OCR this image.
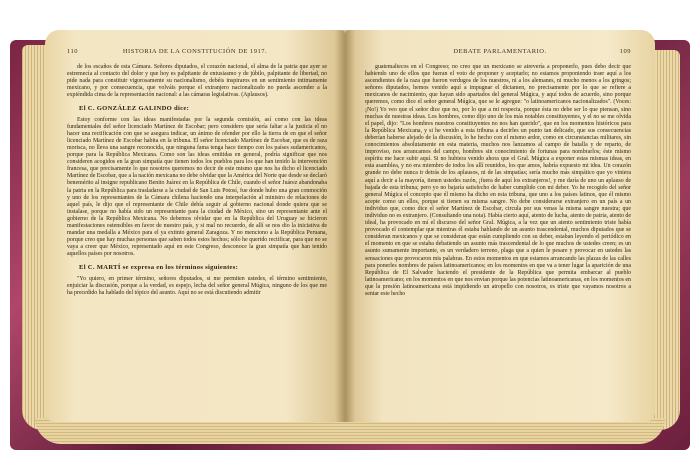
110	HISTORIA DE LA CONSTITUCIÓN DE 1917.

de los escaños de esta Cámara. Señores diputados, el corazón nacional, el alma de la patria que ayer se estremecía al contacto del dolor y que hoy es palpitante de entusiasmo y de júbilo, palpitante de libertad, no pide nada para constituir vigorosamente su nacionalismo, debéis inspiraros en un sentimiento intimamente mexicano, y por consecuencia, que volváis porque el extranjero nacionalizado no pueda ascender a la expiéndida cima de la representación nacional: a las cámaras legislativas. (Aplausos).

El C. GONZÁLEZ GALINDO dice:

Estoy conforme con las ideas manifestadas por la segunda comisión, así como con las ideas fundamentales del señor licenciado Martínez de Escobar; pero considero que sería faltar a la justicia el no hacer una rectificación con que se asegura indicar, un ánimo de ofender por ello la tierra de en que el señor licenciado Martínez de Escobar habita en la tribuna. El señor licenciado Martínez de Escobar, que es de raza morisca, no lleva una sangre reconocida, que ninguna fama tenga hace tiempo con los países sudamericanos, porque para la República Mexicana. Como son las ideas emitidas en general, podría significar que nos consideren acogidos en la gran simpatía que tienen todos los pueblos para los que han tenido la intervención francesa, que precisamente lo que nosotros queremos no decir de este mismo que nos ha dicho el licenciado Martínez de Escobar, que a la nación mexicana no debe olvidar que la América del Norte que desde se declaró benemérito al insigne republicano Benito Juárez en la República de Chile, cuando el señor Juárez abandonaba la patria en la República para trasladarse a la ciudad de San Luis Potosí, fue donde hubo una gran conmoción y uno de los representantes de la Cámara chilena haciendo una interpelación al ministro de relaciones de aquel país, le dijo que el representante de Chile debía seguir al gobierno nacional donde quiera que se instalase, porque no había sido un representante para la ciudad de México, sino un representante ante el gobierno de la República Mexicana. No debemos olvidar que en la República del Uruguay se hicieron manifestaciones ostensibles en favor de nuestro país, y si mal no recuerdo, de allí se nos dio la iniciativa de mandar una medalla a México para el ya extinto general Zaragoza. Y no menciono a la República Peruana, porque creo que hay muchas personas que saben todos estos hechos; sólo he querido rectificar, para que no se vaya a creer que México, representado aquí en este Congreso, desconoce la gran simpatía que han tenido aquellos países por nosotros.

El C. MARTÍ se expresa en los términos siguientes:

"Yo quiero, en primer término, señores diputados, si me permiten ustedes, el término sentimiento, enjuiciar la discusión, porque a la verdad, es espejo, lecha del señor general Múgica, ninguno de los que me ha precedido ha hablado del tópico del asunto. Aquí no se está discutiendo admitir

DEBATE PARLAMENTARIO.	109

guatemaltecos en el Congreso; no creo que un mexicano se atrevería a proponerlo, pues debo decir que habiendo uno de ellos que fueran el voto de proponer y aceptarlo; no estamos proponiendo traer aquí a los ascendientes de la raza que fueron verdugos de los nuestros, ni a los alemanes, ni mucho menos a los gringos; señores diputados, hemos venido aquí a impugnar el dictamen, no precisamente por lo que se refiere a mexicanos de nacimiento, que hayan sido apartados del general Múgica, y aquí todos de acuerdo, sino porque queremos, como dice el señor general Múgica, que se le agregue: "o latinoamericanos nacionalizados". (Voces: ¡No!) Yo veo que el señor dice que no, por lo que a mi respecta, porque ésta no debe ser lo que piensan, sino muchas de nuestras ideas. Los hombres, como dijo uno de los más notables constituyentes, y el no se me olvida el papel, dijo: "Los hombres nuestros constituyentes no nos han querido", que en los momentos históricos para la República Mexicana, y si he venido a esta tribuna a decirles un punto tan delicado, que sus consecuencias deberían haberse alejado de la discusión, lo he hecho con el mismo ardor, como en circunstancias militares, sin conocimientos absolutamente en esta materia, muchos nos lanzamos al campo de batalla y de reparto, de improviso, nos arrancamos del campo, hombres sin conocimiento de fortunas para nombrarlos; éste mismo espíritu me hace subir aquí. Si no hubiera venido ahora que el Gral. Múgica a exponer estas mismas ideas, en esta asamblea, y no era miembro de todos los allí reunidos, los que amos, habría expuesto mi idea. Un corazón grande no debe nunca ir detrás de los aplausos, ni de las simpatías; sería mucho más simpático que yo viniera aquí a decir a la mayoría, tienen ustedes razón, ¡fuera de aquí los extranjeros!, y me daría de uno un aplauso de bajada de esta tribuna; pero yo no bajaría satisfecho de haber cumplido con mi deber. Yo he recogido del señor general Múgica el concepto que él mismo ha dicho en esta tribuna, que uno a los países latinos, que él mismo acepte como un ellos, porque si tienen su misma sangre. No debe considerarse extranjero en un país a un individuo que, como dice el señor Martínez de Escobar, circula por sus venas la misma sangre nuestra; que individuo no es extranjero. (Consultando una nota). Había cierto aquí, atento de lucha, atento de patria, atento de ideal, ha provocado en mí el discurso del señor Gral. Múgica, a la vez que un atento sentimiento triste había provocado el contemplar que mientras él estaba hablando de un asunto trascendental, muchos diputados que se consideran mexicanos y que se consideran que están cumpliendo con su deber, estaban leyendo el periódico en el momento en que se estaba debatiendo un asunto más trascendental de lo que muchos de ustedes creen; es un asunto sumamente importante, es un verdadero terreno, plaga que a quien le pesare y provocar en ustedes las sensaciones que provocaron mis palabras. En estos momentos en que estamos arrancando las plazas de las calles para ponerles nombres de países latinoamericanos; en los momentos en que va a tener lugar la aparición de una República de El Salvador haciendo el presidente de la República que permita embarcar al pueblo latinoamericano; en los momentos en que nos envían porque las potencias latinoamericanas, en los momentos en que la presión latinoamericana está impidiendo un atropello con nosotros, es triste que vayamos nosotros a sentar este hecho
